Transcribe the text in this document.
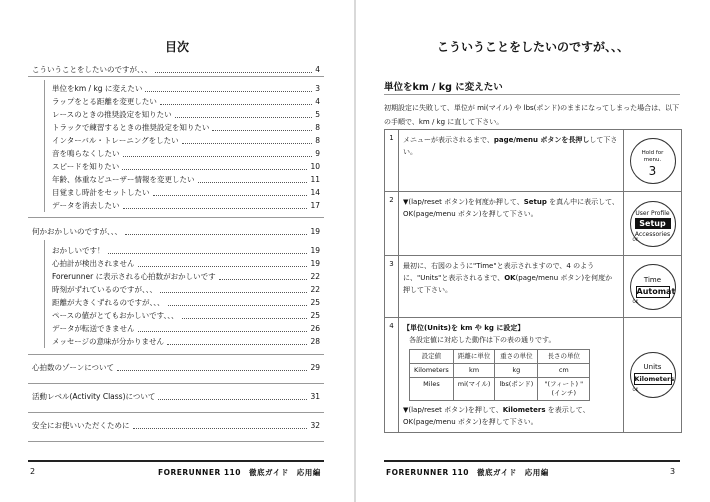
目次
こういうことをしたいのですが、、、	4
単位をkm / kg に変えたい	3
ラップをとる距離を変更したい	4
レースのときの推奨設定を知りたい	5
トラックで練習するときの推奨設定を知りたい	8
インターバル・トレーニングをしたい	8
音を鳴らなくしたい	9
スピードを知りたい	10
年齢、体重などユーザー情報を変更したい	11
目覚まし時計をセットしたい	14
データを消去したい	17
何かおかしいのですが、、、	19
おかしいです！	19
心拍計が検出されません	19
Forerunner に表示される心拍数がおかしいです	22
時刻がずれているのですが、、、	22
距離が大きくずれるのですが、、、	25
ペースの値がとてもおかしいです、、、	25
データが転送できません	26
メッセージの意味が分かりません	28
心拍数のゾーンについて	29
活動レベル(Activity Class)について	31
安全にお使いいただくために	32
2	FORERUNNER 110　徹底ガイド　応用編
こういうことをしたいのですが、、、
単位をkm / kg に変えたい
初期設定に失敗して、単位が mi(マイル) や lbs(ポンド)のままになってしまった場合は、以下の手順で、km / kg に直して下さい。
1	メニューが表示されるまで、page/menu ボタンを長押しして下さい。	Hold for menu.
3

2	▼(lap/reset ボタン)を何度か押して、Setup を真ん中に表示して、OK(page/menu ボタン)を押して下さい。	User Profile
Setup
Accessories
OK

3	最初に、右図のように"Time"と表示されますので、4 のように、"Units"と表示されるまで、OK(page/menu ボタン)を何度か押して下さい。	
Time
Automat
OK

4	【単位(Units)を km や kg に設定】
各設定値に対応した動作は下の表の通りです。
設定値	距離に単位	重さの単位	長さの単位
Kilometers	km	kg	cm
Miles	mi(マイル)	lbs(ポンド)	"(フィート) "(インチ)
▼(lap/reset ボタン)を押して、Kilometers を表示して、OK(page/menu ボタン)を押して下さい。	
Units
Kilometers
OK
FORERUNNER 110　徹底ガイド　応用編	3
